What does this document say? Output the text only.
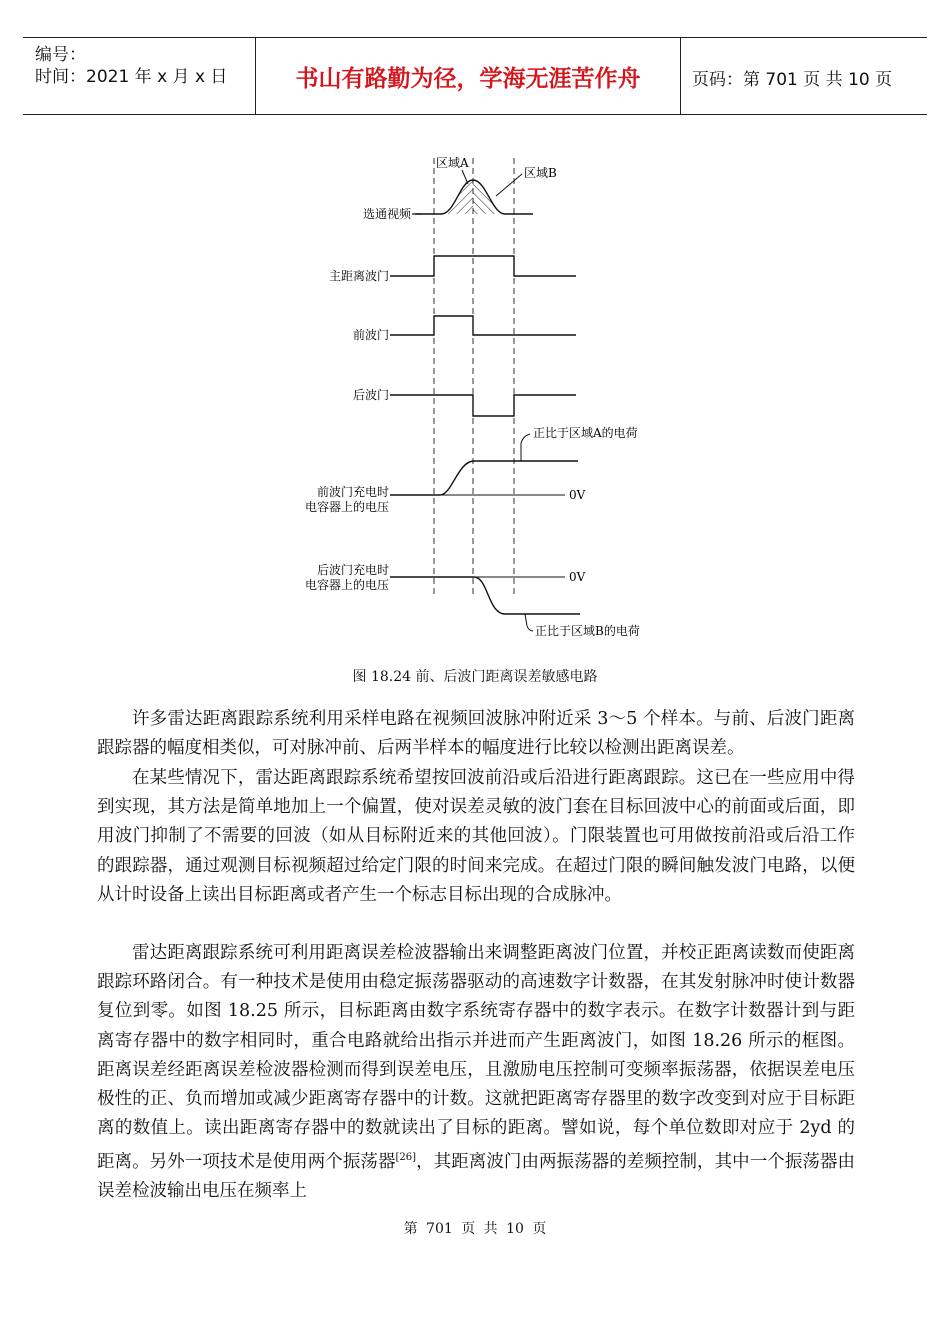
编号：
时间：2021 年 x 月 x 日	书山有路勤为径，学海无涯苦作舟	页码：第 701 页 共 10 页
区域A
区域B
选通视频
主距离波门
前波门
后波门
前波门充电时
电容器上的电压
后波门充电时
电容器上的电压
0V
正比于区域A的电荷
0V
正比于区域B的电荷
图 18.24 前、后波门距离误差敏感电路

许多雷达距离跟踪系统利用采样电路在视频回波脉冲附近采 3～5 个样本。与前、后波门距离跟踪器的幅度相类似，可对脉冲前、后两半样本的幅度进行比较以检测出距离误差。

在某些情况下，雷达距离跟踪系统希望按回波前沿或后沿进行距离跟踪。这已在一些应用中得到实现，其方法是简单地加上一个偏置，使对误差灵敏的波门套在目标回波中心的前面或后面，即用波门抑制了不需要的回波（如从目标附近来的其他回波）。门限装置也可用做按前沿或后沿工作的跟踪器，通过观测目标视频超过给定门限的时间来完成。在超过门限的瞬间触发波门电路，以便从计时设备上读出目标距离或者产生一个标志目标出现的合成脉冲。

雷达距离跟踪系统可利用距离误差检波器输出来调整距离波门位置，并校正距离读数而使距离跟踪环路闭合。有一种技术是使用由稳定振荡器驱动的高速数字计数器，在其发射脉冲时使计数器复位到零。如图 18.25 所示，目标距离由数字系统寄存器中的数字表示。在数字计数器计到与距离寄存器中的数字相同时，重合电路就给出指示并进而产生距离波门，如图 18.26 所示的框图。距离误差经距离误差检波器检测而得到误差电压，且激励电压控制可变频率振荡器，依据误差电压极性的正、负而增加或减少距离寄存器中的计数。这就把距离寄存器里的数字改变到对应于目标距离的数值上。读出距离寄存器中的数就读出了目标的距离。譬如说，每个单位数即对应于 2yd 的距离。另外一项技术是使用两个振荡器[26]，其距离波门由两振荡器的差频控制，其中一个振荡器由误差检波输出电压在频率上

第 701 页 共 10 页
